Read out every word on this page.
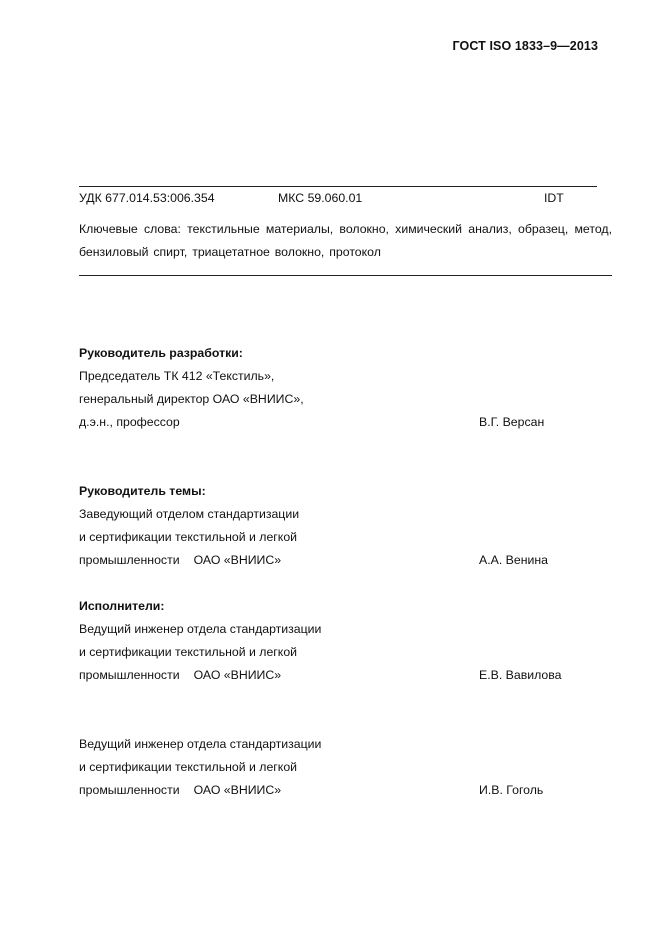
ГОСТ ISO 1833–9—2013
УДК 677.014.53:006.354	МКС 59.060.01	IDT
Ключевые слова: текстильные материалы, волокно, химический анализ, образец, метод, бензиловый спирт, триацетатное волокно, протокол
Руководитель разработки:
Председатель ТК 412 «Текстиль»,
генеральный директор ОАО «ВНИИС»,
д.э.н., профессор	В.Г. Версан
Руководитель темы:
Заведующий отделом стандартизации
и сертификации текстильной и легкой
промышленности ОАО «ВНИИС»	А.А. Венина
Исполнители:
Ведущий инженер отдела стандартизации
и сертификации текстильной и легкой
промышленности ОАО «ВНИИС»	Е.В. Вавилова
Ведущий инженер отдела стандартизации
и сертификации текстильной и легкой
промышленности ОАО «ВНИИС»	И.В. Гоголь
